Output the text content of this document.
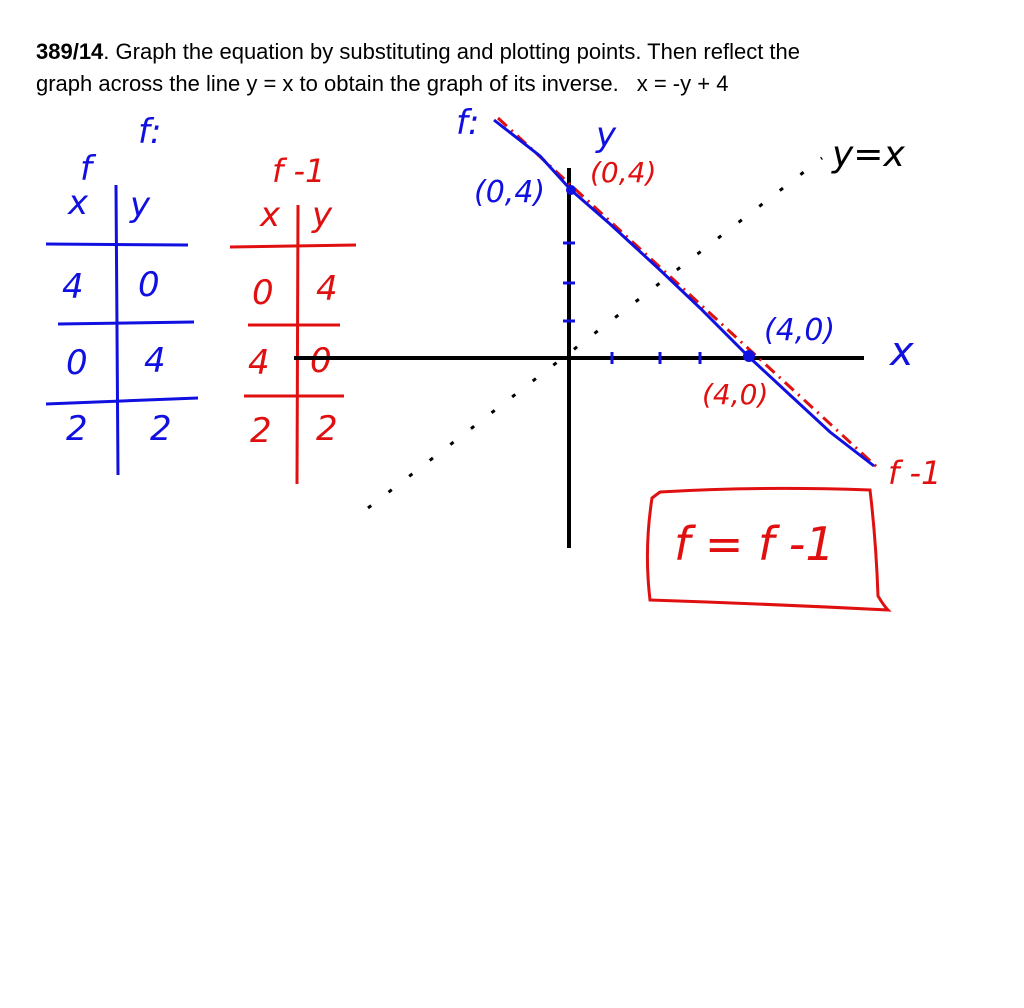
389/14. Graph the equation by substituting and plotting points. Then reflect the
graph across the line y = x to obtain the graph of its inverse. x = -y + 4
f:
f
x y
4 0
0 4
2 2
f -1
x y
0 4
4 0
2 2
y
x
y=x
(0,4)
(0,4)
(4,0)
(4,0)
f:
f -1
f = f -1
